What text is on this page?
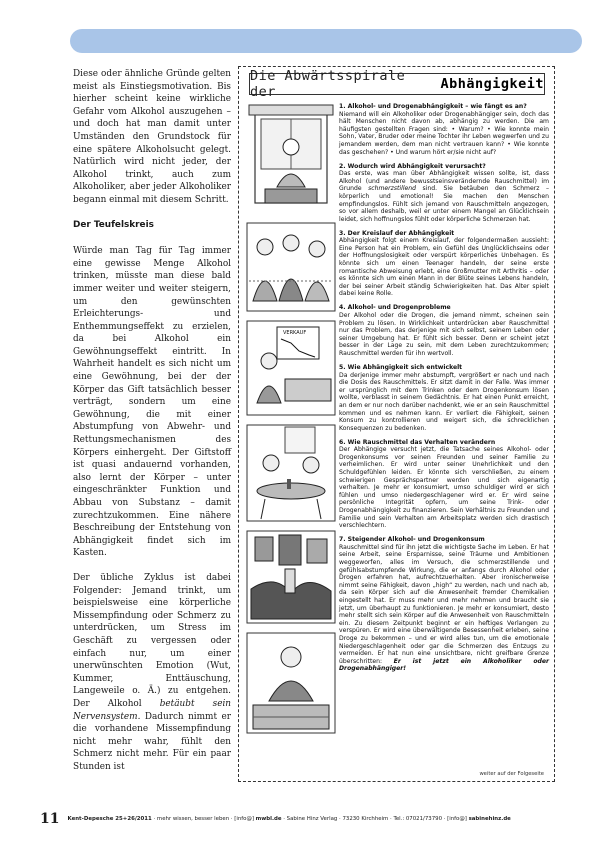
Diese oder ähnliche Gründe gelten meist als Einstiegsmotivation. Bis hierher scheint keine wirkliche Gefahr vom Alkohol auszugehen – und doch hat man damit unter Umständen den Grundstock für eine spätere Alkoholsucht gelegt. Natürlich wird nicht jeder, der Alkohol trinkt, auch zum Alkoholiker, aber jeder Alkoholiker begann einmal mit diesem Schritt.

Der Teufelskreis

Würde man Tag für Tag immer eine gewisse Menge Alkohol trinken, müsste man diese bald immer weiter und weiter steigern, um den gewünschten Erleichterungs- und Enthemmungseffekt zu erzielen, da bei Alkohol ein Gewöhnungseffekt eintritt. In Wahrheit handelt es sich nicht um eine Gewöhnung, bei der der Körper das Gift tatsächlich besser verträgt, sondern um eine Gewöhnung, die mit einer Abstumpfung von Abwehr- und Rettungsmechanismen des Körpers einhergeht. Der Giftstoff ist quasi andauernd vorhanden, also lernt der Körper – unter eingeschränkter Funktion und Abbau von Substanz – damit zurechtzukommen. Eine nähere Beschreibung der Entstehung von Abhängigkeit findet sich im Kasten.

Der übliche Zyklus ist dabei Folgender: Jemand trinkt, um beispielsweise eine körperliche Missempfindung oder Schmerz zu unterdrücken, um Stress im Geschäft zu vergessen oder einfach nur, um einer unerwünschten Emotion (Wut, Kummer, Enttäuschung, Langeweile o. Ä.) zu entgehen. Der Alkohol betäubt sein Nervensystem. Dadurch nimmt er die vorhandene Missempfindung nicht mehr wahr, fühlt den Schmerz nicht mehr. Für ein paar Stunden ist

Die Abwärtsspirale der	Abhängigkeit
VERKAUF
1. Alkohol- und Drogenabhängigkeit – wie fängt es an?
Niemand will ein Alkoholiker oder Drogenabhängiger sein, doch das hält Menschen nicht davon ab, abhängig zu werden. Die am häufigsten gestellten Fragen sind: • Warum? • Wie konnte mein Sohn, Vater, Bruder oder meine Tochter ihr Leben wegwerfen und zu jemandem werden, dem man nicht vertrauen kann? • Wie konnte das geschehen? • Und warum hört er/sie nicht auf?
2. Wodurch wird Abhängigkeit verursacht?
Das erste, was man über Abhängigkeit wissen sollte, ist, dass Alkohol (und andere bewusstseinsverändernde Rauschmittel) im Grunde schmerzstillend sind. Sie betäuben den Schmerz – körperlich und emotional! Sie machen den Menschen empfindungslos. Fühlt sich jemand von Rauschmitteln angezogen, so vor allem deshalb, weil er unter einem Mangel an Glücklichsein leidet, sich hoffnungslos fühlt oder körperliche Schmerzen hat.
3. Der Kreislauf der Abhängigkeit
Abhängigkeit folgt einem Kreislauf, der folgendermaßen aussieht: Eine Person hat ein Problem, ein Gefühl des Unglücklichseins oder der Hoffnungslosigkeit oder verspürt körperliches Unbehagen. Es könnte sich um einen Teenager handeln, der seine erste romantische Abweisung erlebt, eine Großmutter mit Arthritis – oder es könnte sich um einen Mann in der Blüte seines Lebens handeln, der bei seiner Arbeit ständig Schwierigkeiten hat. Das Alter spielt dabei keine Rolle.
4. Alkohol- und Drogenprobleme
Der Alkohol oder die Drogen, die jemand nimmt, scheinen sein Problem zu lösen. In Wirklichkeit unterdrücken aber Rauschmittel nur das Problem, das derjenige mit sich selbst, seinem Leben oder seiner Umgebung hat. Er fühlt sich besser. Denn er scheint jetzt besser in der Lage zu sein, mit dem Leben zurechtzukommen; Rauschmittel werden für ihn wertvoll.
5. Wie Abhängigkeit sich entwickelt
Da derjenige immer mehr abstumpft, vergrößert er nach und nach die Dosis des Rauschmittels. Er sitzt damit in der Falle. Was immer er ursprünglich mit dem Trinken oder dem Drogenkonsum lösen wollte, verblasst in seinem Gedächtnis. Er hat einen Punkt erreicht, an dem er nur noch darüber nachdenkt, wie er an sein Rauschmittel kommen und es nehmen kann. Er verliert die Fähigkeit, seinen Konsum zu kontrollieren und weigert sich, die schrecklichen Konsequenzen zu bedenken.
6. Wie Rauschmittel das Verhalten verändern
Der Abhängige versucht jetzt, die Tatsache seines Alkohol- oder Drogenkonsums vor seinen Freunden und seiner Familie zu verheimlichen. Er wird unter seiner Unehrlichkeit und den Schuldgefühlen leiden. Er könnte sich verschließen, zu einem schwierigen Gesprächspartner werden und sich eigenartig verhalten. Je mehr er konsumiert, umso schuldiger wird er sich fühlen und umso niedergeschlagener wird er. Er wird seine persönliche Integrität opfern, um seine Trink- oder Drogenabhängigkeit zu finanzieren. Sein Verhältnis zu Freunden und Familie und sein Verhalten am Arbeitsplatz werden sich drastisch verschlechtern.
7. Steigender Alkohol- und Drogenkonsum
Rauschmittel sind für ihn jetzt die wichtigste Sache im Leben. Er hat seine Arbeit, seine Ersparnisse, seine Träume und Ambitionen weggeworfen, alles im Versuch, die schmerzstillende und gefühlsabstumpfende Wirkung, die er anfangs durch Alkohol oder Drogen erfahren hat, aufrechtzuerhalten. Aber ironischerweise nimmt seine Fähigkeit, davon „high“ zu werden, nach und nach ab, da sein Körper sich auf die Anwesenheit fremder Chemikalien eingestellt hat. Er muss mehr und mehr nehmen und braucht sie jetzt, um überhaupt zu funktionieren. Je mehr er konsumiert, desto mehr stellt sich sein Körper auf die Anwesenheit von Rauschmitteln ein. Zu diesem Zeitpunkt beginnt er ein heftiges Verlangen zu verspüren. Er wird eine überwältigende Besessenheit erleben, seine Droge zu bekommen – und er wird alles tun, um die emotionale Niedergeschlagenheit oder gar die Schmerzen des Entzugs zu vermeiden. Er hat nun eine unsichtbare, nicht greifbare Grenze überschritten: Er ist jetzt ein Alkoholiker oder Drogenabhängiger!
weiter auf der Folgeseite
11 Kent-Depesche 25+26/2011 · mehr wissen, besser leben · [info@] mwbl.de · Sabine Hinz Verlag · 73230 Kirchheim · Tel.: 07021/73790 · [info@] sabinehinz.de
